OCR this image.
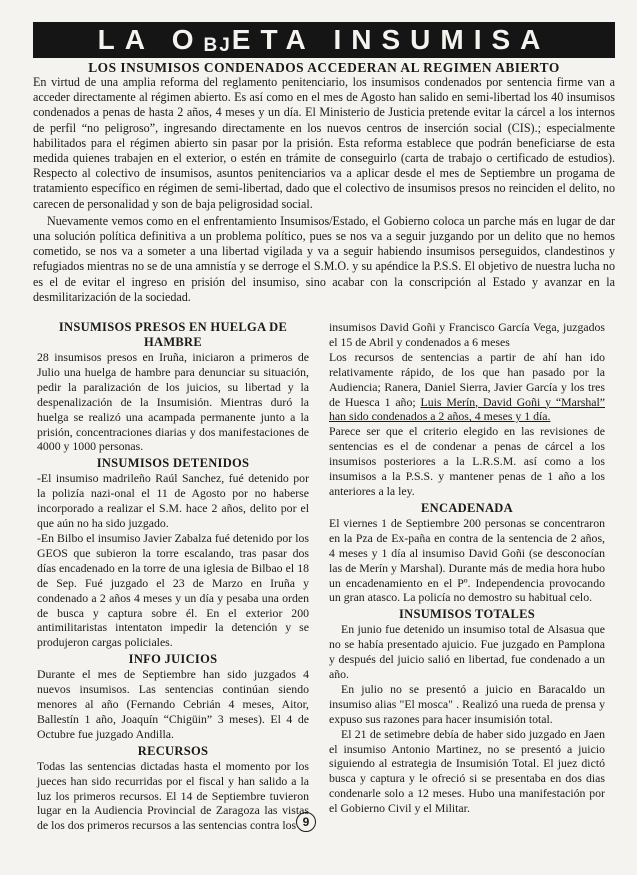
LA O BJ ETA
INSUMISA
LOS INSUMISOS CONDENADOS ACCEDERAN AL REGIMEN ABIERTO

En virtud de una amplia reforma del reglamento penitenciario, los insumisos condenados por sentencia firme van a acceder directamente al régimen abierto. Es así como en el mes de Agosto han salido en semi-libertad los 40 insumisos condenados a penas de hasta 2 años, 4 meses y un día. El Ministerio de Justicia pretende evitar la cárcel a los internos de perfil “no peligroso”, ingresando directamente en los nuevos centros de inserción social (CIS).; especialmente habilitados para el régimen abierto sin pasar por la prisión. Esta reforma establece que podrán beneficiarse de esta medida quienes trabajen en el exterior, o estén en trámite de conseguirlo (carta de trabajo o certificado de estudios). Respecto al colectivo de insumisos, asuntos penitenciarios va a aplicar desde el mes de Septiembre un progama de tratamiento específico en régimen de semi-libertad, dado que el colectivo de insumisos presos no reinciden el delito, no carecen de personalidad y son de baja peligrosidad social.

Nuevamente vemos como en el enfrentamiento Insumisos/Estado, el Gobierno coloca un parche más en lugar de dar una solución política definitiva a un problema político, pues se nos va a seguir juzgando por un delito que no hemos cometido, se nos va a someter a una libertad vigilada y va a seguir habiendo insumisos perseguidos, clandestinos y refugiados mientras no se de una amnistía y se derroge el S.M.O. y su apéndice la P.S.S. El objetivo de nuestra lucha no es el de evitar el ingreso en prisión del insumiso, sino acabar con la conscripción al Estado y avanzar en la desmilitarización de la sociedad.

INSUMISOS PRESOS EN HUELGA DE HAMBRE

28 insumisos presos en Iruña, iniciaron a primeros de Julio una huelga de hambre para denunciar su situación, pedir la paralización de los juicios, su libertad y la despenalización de la Insumisión. Mientras duró la huelga se realizó una acampada permanente junto a la prisión, concentraciones diarias y dos manifestaciones de 4000 y 1000 personas.

INSUMISOS DETENIDOS

-El insumiso madrileño Raúl Sanchez, fué detenido por la polizía nazi-onal el 11 de Agosto por no haberse incorporado a realizar el S.M. hace 2 años, delito por el que aún no ha sido juzgado.

-En Bilbo el insumiso Javier Zabalza fué detenido por los GEOS que subieron la torre escalando, tras pasar dos días encadenado en la torre de una iglesia de Bilbao el 18 de Sep. Fué juzgado el 23 de Marzo en Iruña y condenado a 2 años 4 meses y un día y pesaba una orden de busca y captura sobre él. En el exterior 200 antimilitaristas intentaton impedir la detención y se produjeron cargas policiales.

INFO JUICIOS

Durante el mes de Septiembre han sido juzgados 4 nuevos insumisos. Las sentencias continúan siendo menores al año (Fernando Cebrián 4 meses, Aitor, Ballestín 1 año, Joaquín “Chigüin” 3 meses). El 4 de Octubre fue juzgado Andilla.

RECURSOS

Todas las sentencias dictadas hasta el momento por los jueces han sido recurridas por el fiscal y han salido a la luz los primeros recursos. El 14 de Septiembre tuvieron lugar en la Audiencia Provincial de Zaragoza las vistas de los dos primeros recursos a las sentencias contra los

insumisos David Goñi y Francisco García Vega, juzgados el 15 de Abril y condenados a 6 meses

Los recursos de sentencias a partir de ahí han ido relativamente rápido, de los que han pasado por la Audiencia; Ranera, Daniel Sierra, Javier García y los tres de Huesca 1 año; Luis Merín, David Goñi y “Marshal” han sido condenados a 2 años, 4 meses y 1 día.

Parece ser que el criterio elegido en las revisiones de sentencias es el de condenar a penas de cárcel a los insumisos posteriores a la L.R.S.M. así como a los insumisos a la P.S.S. y mantener penas de 1 año a los anteriores a la ley.

ENCADENADA

El viernes 1 de Septiembre 200 personas se concentraron en la Pza de Ex-paña en contra de la sentencia de 2 años, 4 meses y 1 día al insumiso David Goñi (se desconocían las de Merín y Marshal). Durante más de media hora hubo un encadenamiento en el Pº. Independencia provocando un gran atasco. La policía no demostro su habitual celo.

INSUMISOS TOTALES

En junio fue detenido un insumiso total de Alsasua que no se había presentado ajuicio. Fue juzgado en Pamplona y después del juicio salió en libertad, fue condenado a un año.

En julio no se presentó a juicio en Baracaldo un insumiso alias "El mosca" . Realizó una rueda de prensa y expuso sus razones para hacer insumisión total.

El 21 de setimebre debía de haber sido juzgado en Jaen el insumiso Antonio Martinez, no se presentó a juicio siguiendo al estrategia de Insumisión Total. El juez dictó busca y captura y le ofreció si se presentaba en dos dias condenarle solo a 12 meses. Hubo una manifestación por el Gobierno Civil y el Militar.

9
